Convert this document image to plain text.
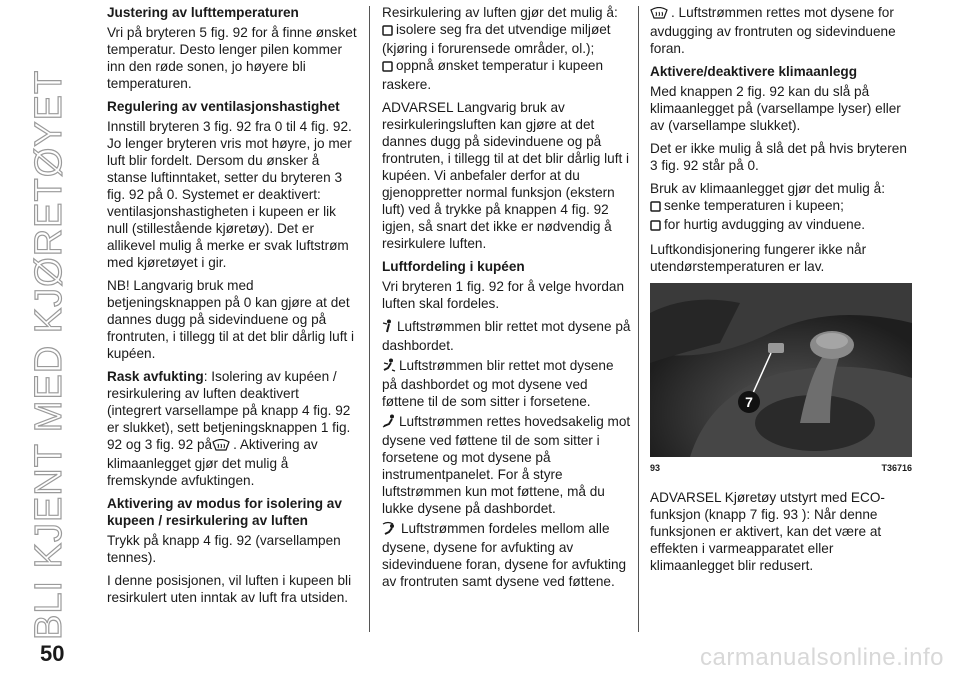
BLI KJENT MED KJØRETØYET
Justering av lufttemperaturen
Vri på bryteren 5 fig. 92 for å finne ønsket temperatur. Desto lenger pilen kommer inn den røde sonen, jo høyere bli temperaturen.
Regulering av ventilasjonshastighet
Innstill bryteren 3 fig. 92 fra 0 til 4 fig. 92. Jo lenger bryteren vris mot høyre, jo mer luft blir fordelt. Dersom du ønsker å stanse luftinntaket, setter du bryteren 3 fig. 92 på 0. Systemet er deaktivert: ventilasjonshastigheten i kupeen er lik null (stillestående kjøretøy). Det er allikevel mulig å merke er svak luftstrøm med kjøretøyet i gir.
NB! Langvarig bruk med betjeningsknappen på 0 kan gjøre at det dannes dugg på sidevinduene og på frontruten, i tillegg til at det blir dårlig luft i kupéen.
Rask avfukting: Isolering av kupéen / resirkulering av luften deaktivert (integrert varsellampe på knapp 4 fig. 92 er slukket), sett betjeningsknappen 1 fig. 92 og 3 fig. 92 på . Aktivering av klimaanlegget gjør det mulig å fremskynde avfuktingen.
Aktivering av modus for isolering av kupeen / resirkulering av luften
Trykk på knapp 4 fig. 92 (varsellampen tennes).
I denne posisjonen, vil luften i kupeen bli resirkulert uten inntak av luft fra utsiden.
Resirkulering av luften gjør det mulig å:
isolere seg fra det utvendige miljøet (kjøring i forurensede områder, ol.);
oppnå ønsket temperatur i kupeen raskere.
ADVARSEL Langvarig bruk av resirkuleringsluften kan gjøre at det dannes dugg på sidevinduene og på frontruten, i tillegg til at det blir dårlig luft i kupéen. Vi anbefaler derfor at du gjenoppretter normal funksjon (ekstern luft) ved å trykke på knappen 4 fig. 92 igjen, så snart det ikke er nødvendig å resirkulere luften.
Luftfordeling i kupéen
Vri bryteren 1 fig. 92 for å velge hvordan luften skal fordeles.
Luftstrømmen blir rettet mot dysene på dashbordet.
Luftstrømmen blir rettet mot dysene på dashbordet og mot dysene ved føttene til de som sitter i forsetene.
Luftstrømmen rettes hovedsakelig mot dysene ved føttene til de som sitter i forsetene og mot dysene på instrumentpanelet. For å styre luftstrømmen kun mot føttene, må du lukke dysene på dashbordet.
Luftstrømmen fordeles mellom alle dysene, dysene for avfukting av sidevinduene foran, dysene for avfukting av frontruten samt dysene ved føttene.
. Luftstrømmen rettes mot dysene for avdugging av frontruten og sidevinduene foran.
Aktivere/deaktivere klimaanlegg
Med knappen 2 fig. 92 kan du slå på klimaanlegget på (varsellampe lyser) eller av (varsellampe slukket).
Det er ikke mulig å slå det på hvis bryteren 3 fig. 92 står på 0.
Bruk av klimaanlegget gjør det mulig å:
senke temperaturen i kupeen;
for hurtig avdugging av vinduene.
Luftkondisjonering fungerer ikke når utendørstemperaturen er lav.
7
93	T36716
ADVARSEL Kjøretøy utstyrt med ECO-funksjon (knapp 7 fig. 93 ): Når denne funksjonen er aktivert, kan det være at effekten i varmeapparatet eller klimaanlegget blir redusert.
50	carmanualsonline.info
